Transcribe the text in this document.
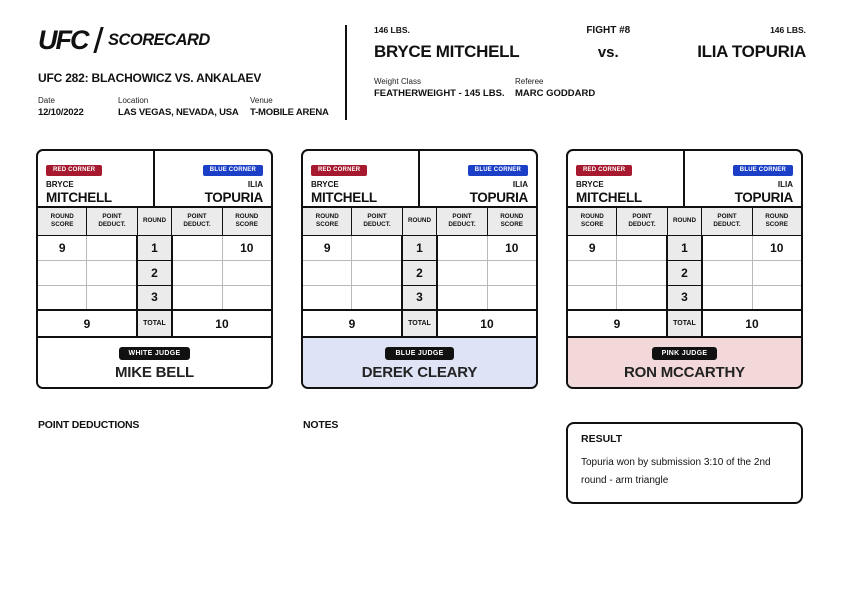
UFC SCORECARD
UFC 282: BLACHOWICZ VS. ANKALAEV
Date
12/10/2022
Location
LAS VEGAS, NEVADA, USA
Venue
T-MOBILE ARENA
146 LBS.
BRYCE MITCHELL
FIGHT #8
vs.
146 LBS.
ILIA TOPURIA
Weight Class
FEATHERWEIGHT - 145 LBS.
Referee
MARC GODDARD
RED CORNER
BRYCE
MITCHELL
BLUE CORNER
ILIA
TOPURIA
ROUND SCORE	POINT DEDUCT.	ROUND	POINT DEDUCT.	ROUND SCORE
9		1		10
		2		
		3		
9		TOTAL	10	
WHITE JUDGE
MIKE BELL
RED CORNER
BRYCE
MITCHELL
BLUE CORNER
ILIA
TOPURIA
ROUND SCORE	POINT DEDUCT.	ROUND	POINT DEDUCT.	ROUND SCORE
9		1		10
		2		
		3		
9		TOTAL	10	
BLUE JUDGE
DEREK CLEARY
RED CORNER
BRYCE
MITCHELL
BLUE CORNER
ILIA
TOPURIA
ROUND SCORE	POINT DEDUCT.	ROUND	POINT DEDUCT.	ROUND SCORE
9		1		10
		2		
		3		
9		TOTAL	10	
PINK JUDGE
RON MCCARTHY
POINT DEDUCTIONS	NOTES
RESULT
Topuria won by submission 3:10 of the 2nd round - arm triangle
